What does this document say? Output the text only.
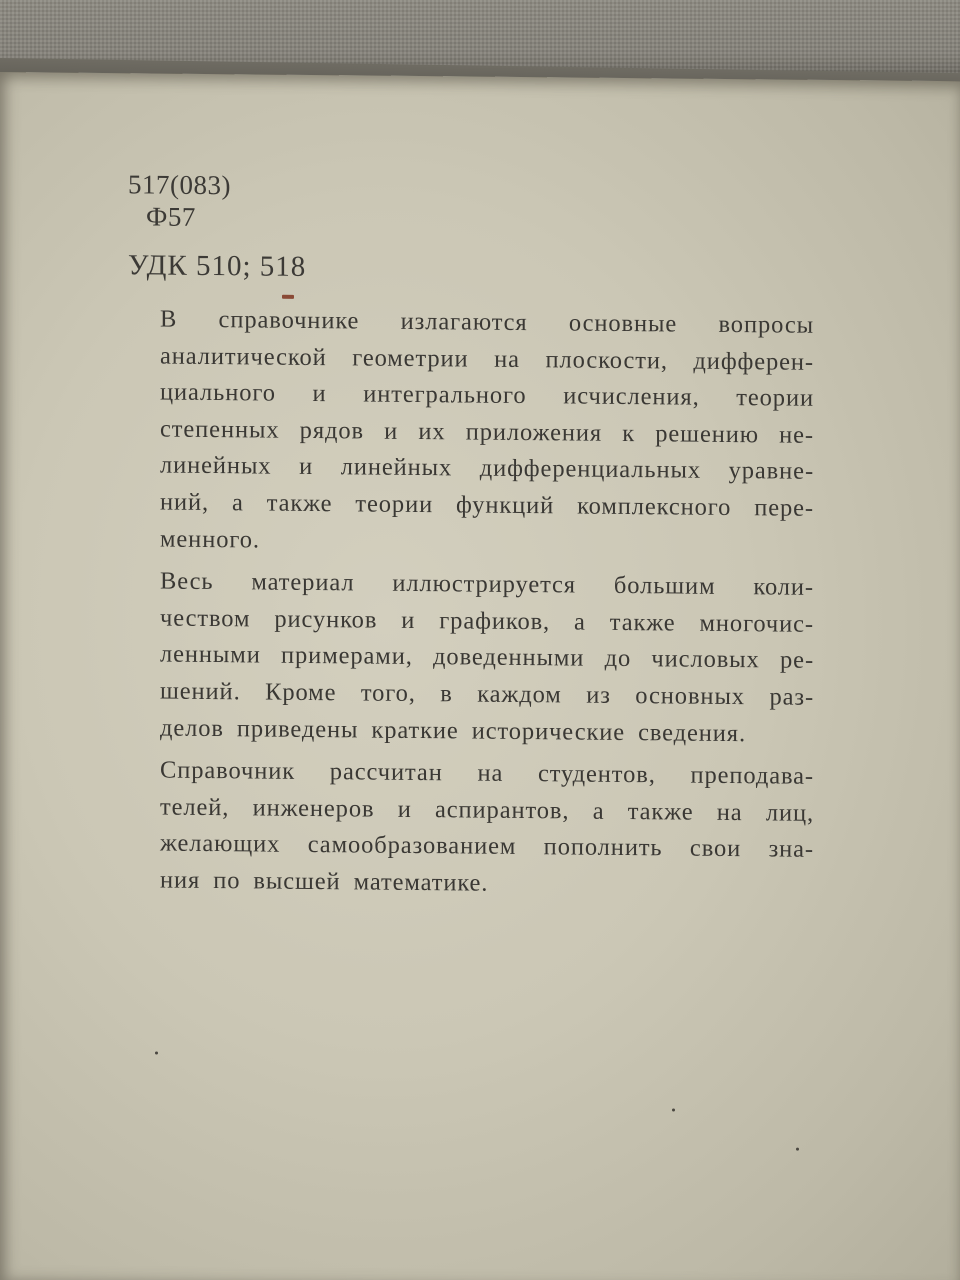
517(083)
Ф57
УДК 510; 518

В справочнике излагаются основные вопросы
аналитической геометрии на плоскости, дифферен-
циального и интегрального исчисления, теории
степенных рядов и их приложения к решению не-
линейных и линейных дифференциальных уравне-
ний, а также теории функций комплексного пере-
менного.

Весь материал иллюстрируется большим коли-
чеством рисунков и графиков, а также многочис-
ленными примерами, доведенными до числовых ре-
шений. Кроме того, в каждом из основных раз-
делов приведены краткие исторические сведения.

Справочник рассчитан на студентов, преподава-
телей, инженеров и аспирантов, а также на лиц,
желающих самообразованием пополнить свои зна-
ния по высшей математике.
